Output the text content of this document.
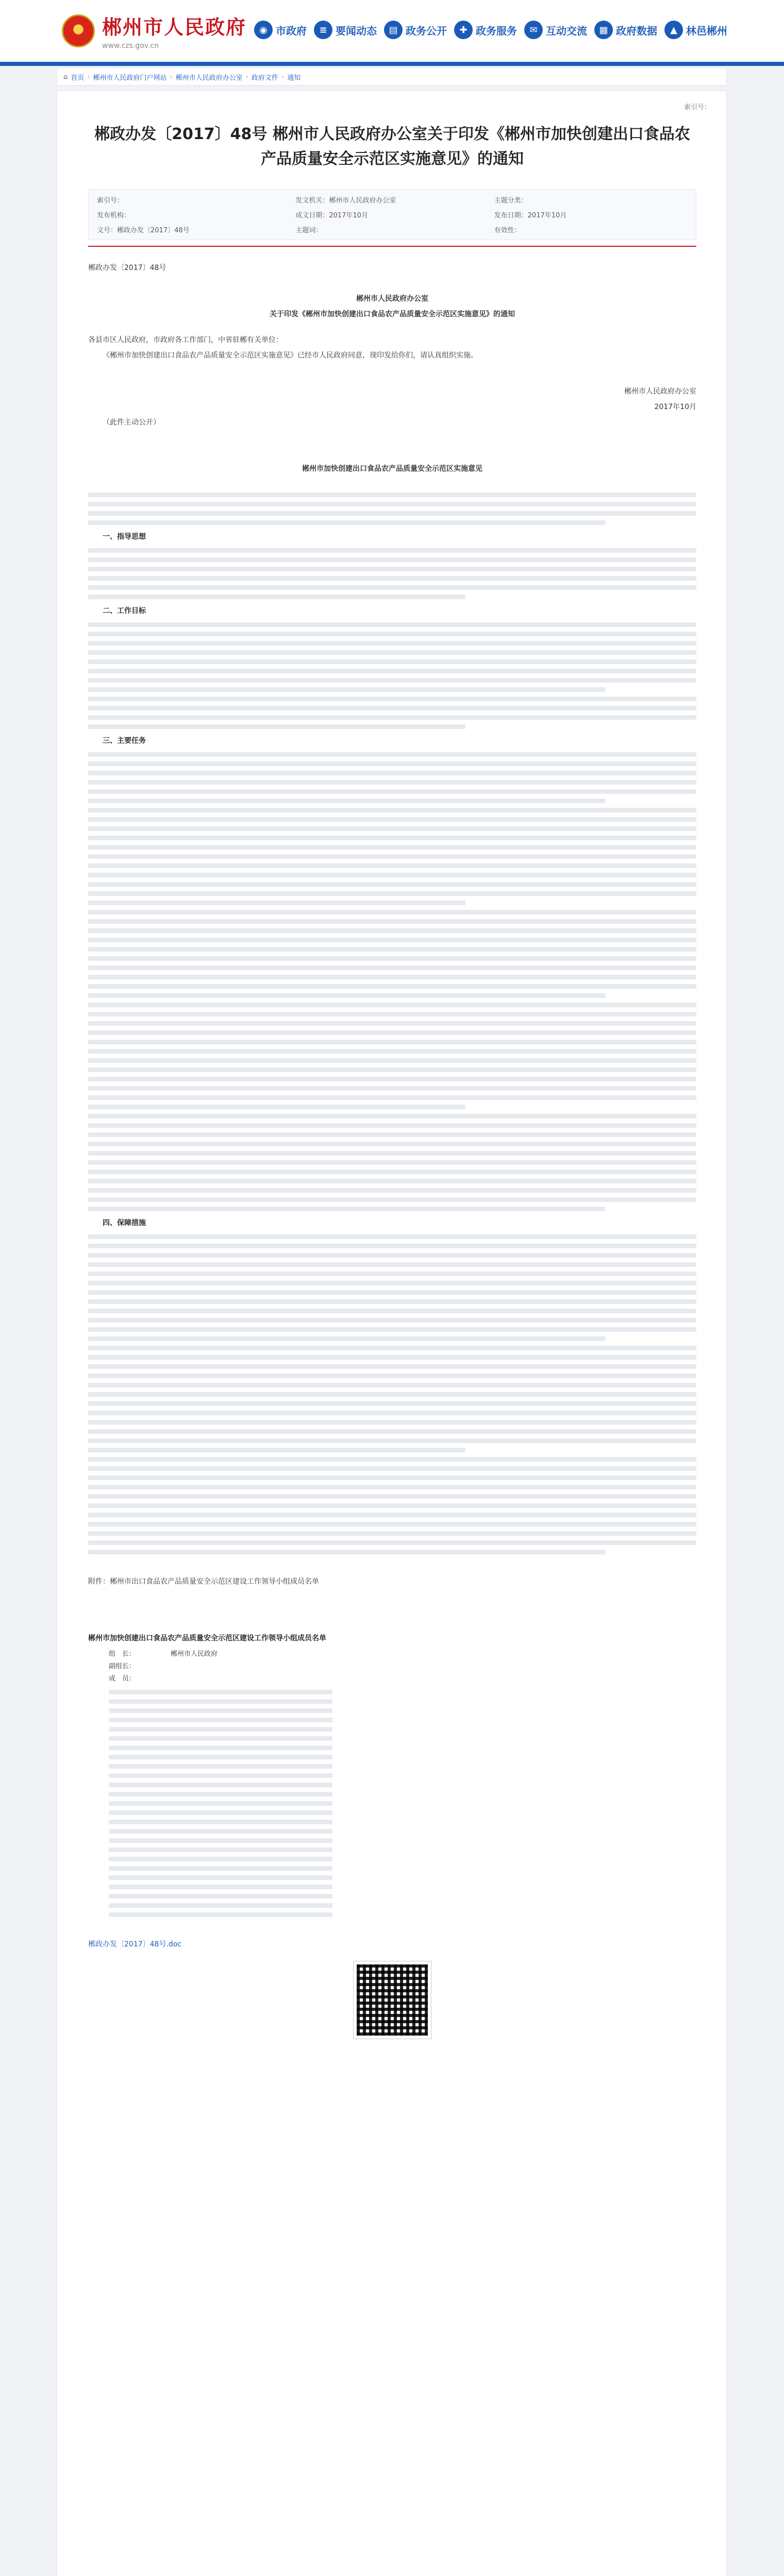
郴州市人民政府
www.czs.gov.cn
◉ 市政府	≡ 要闻动态	▤ 政务公开	✚ 政务服务	✉ 互动交流	▦ 政府数据	▲ 林邑郴州
⌂ 首页 › 郴州市人民政府门户网站 › 郴州市人民政府办公室 › 政府文件 › 通知
索引号：
郴政办发〔2017〕48号 郴州市人民政府办公室关于印发《郴州市加快创建出口食品农产品质量安全示范区实施意见》的通知
索引号：	发文机关：郴州市人民政府办公室	主题分类：
发布机构：	成文日期：2017年10月	发布日期：2017年10月
文号：郴政办发〔2017〕48号	主题词：	有效性：
郴政办发〔2017〕48号
郴州市人民政府办公室
关于印发《郴州市加快创建出口食品农产品质量安全示范区实施意见》的通知
各县市区人民政府，市政府各工作部门，中省驻郴有关单位：
《郴州市加快创建出口食品农产品质量安全示范区实施意见》已经市人民政府同意，现印发给你们，请认真组织实施。
郴州市人民政府办公室
2017年10月
（此件主动公开）
郴州市加快创建出口食品农产品质量安全示范区实施意见
一、指导思想
二、工作目标
三、主要任务
四、保障措施
附件：郴州市出口食品农产品质量安全示范区建设工作领导小组成员名单
郴州市加快创建出口食品农产品质量安全示范区建设工作领导小组成员名单
组　长：	郴州市人民政府
副组长：
成　员：
郴政办发〔2017〕48号.doc
